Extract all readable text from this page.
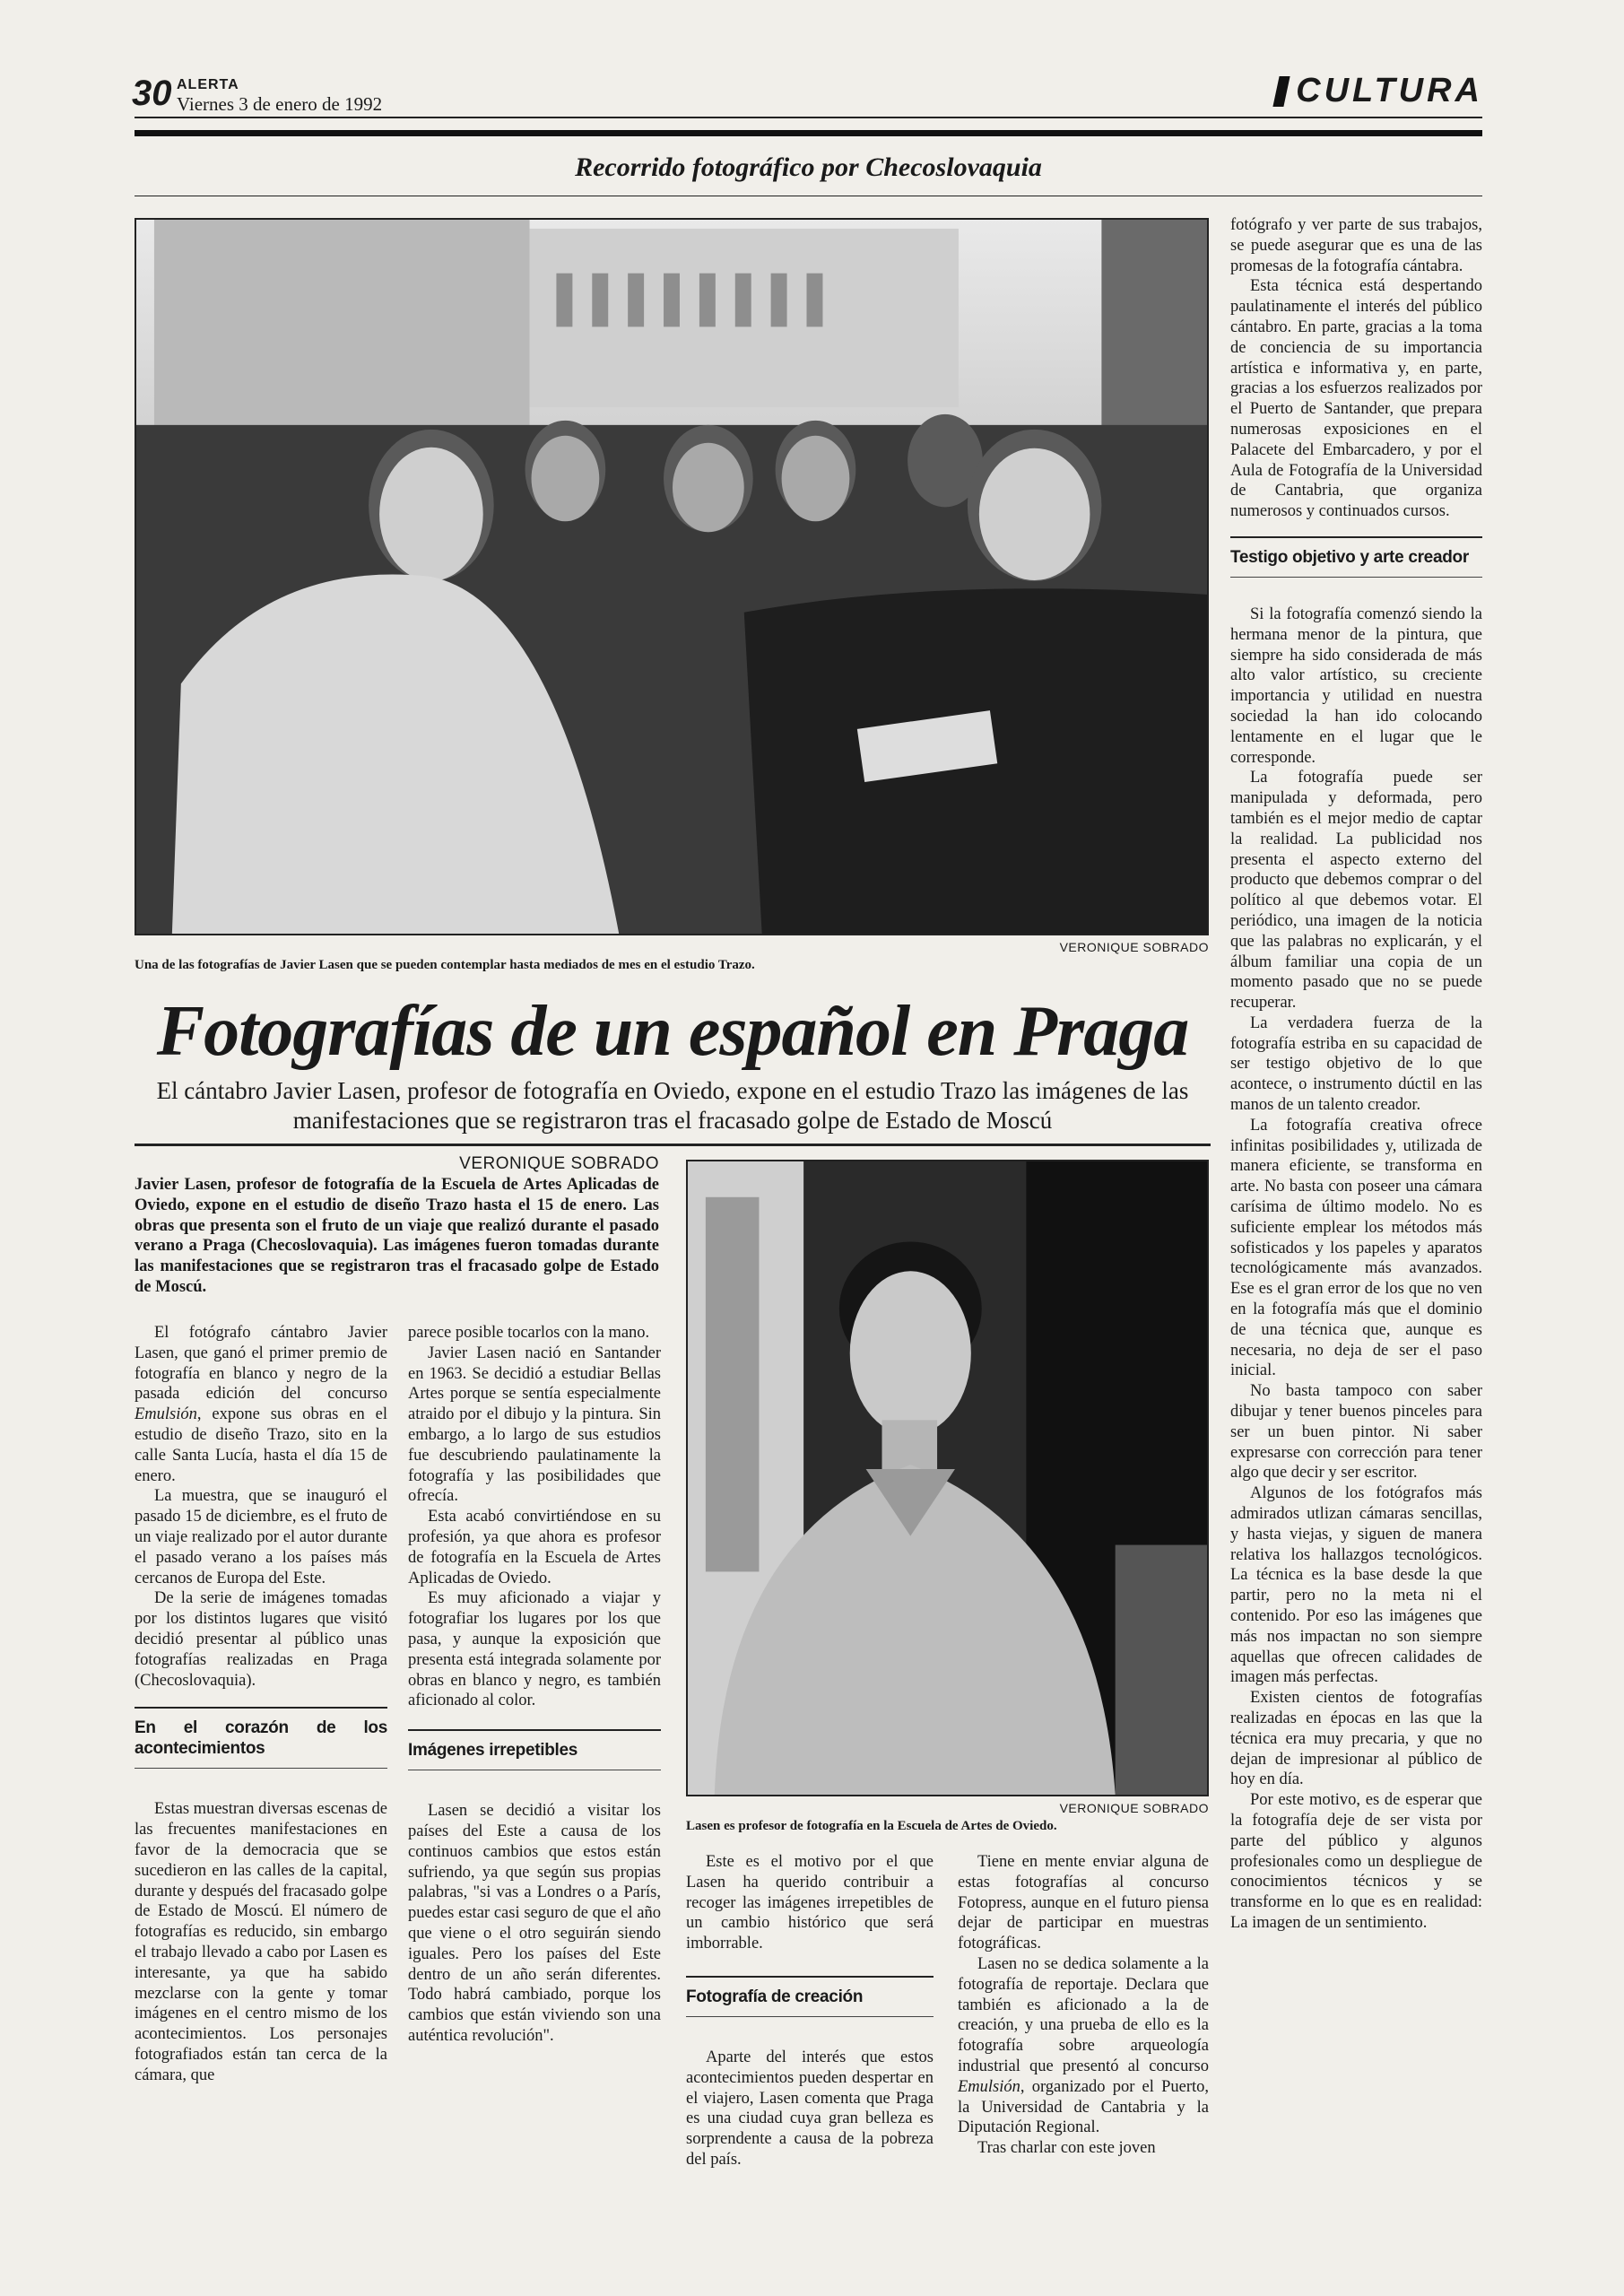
30 ALERTA
Viernes 3 de enero de 1992	CULTURA
Recorrido fotográfico por Checoslovaquia
VERONIQUE SOBRADO
Una de las fotografías de Javier Lasen que se pueden contemplar hasta mediados de mes en el estudio Trazo.
Fotografías de un español en Praga
El cántabro Javier Lasen, profesor de fotografía en Oviedo, expone en el estudio Trazo las imágenes de las manifestaciones que se registraron tras el fracasado golpe de Estado de Moscú
VERONIQUE SOBRADO
Javier Lasen, profesor de fotografía de la Escuela de Artes Aplicadas de Oviedo, expone en el estudio de diseño Trazo hasta el 15 de enero. Las obras que presenta son el fruto de un viaje que realizó durante el pasado verano a Praga (Checoslovaquia). Las imágenes fueron tomadas durante las manifestaciones que se registraron tras el fracasado golpe de Estado de Moscú.
VERONIQUE SOBRADO
Lasen es profesor de fotografía en la Escuela de Artes de Oviedo.

El fotógrafo cántabro Javier Lasen, que ganó el primer premio de fotografía en blanco y negro de la pasada edición del concurso Emulsión, expone sus obras en el estudio de diseño Trazo, sito en la calle Santa Lucía, hasta el día 15 de enero.

La muestra, que se inauguró el pasado 15 de diciembre, es el fruto de un viaje realizado por el autor durante el pasado verano a los países más cercanos de Europa del Este.

De la serie de imágenes tomadas por los distintos lugares que visitó decidió presentar al público unas fotografías realizadas en Praga (Checoslovaquia).

En el corazón de los acontecimientos

Estas muestran diversas escenas de las frecuentes manifestaciones en favor de la democracia que se sucedieron en las calles de la capital, durante y después del fracasado golpe de Estado de Moscú. El número de fotografías es reducido, sin embargo el trabajo llevado a cabo por Lasen es interesante, ya que ha sabido mezclarse con la gente y tomar imágenes en el centro mismo de los acontecimientos. Los personajes fotografiados están tan cerca de la cámara, que

parece posible tocarlos con la mano.

Javier Lasen nació en Santander en 1963. Se decidió a estudiar Bellas Artes porque se sentía especialmente atraido por el dibujo y la pintura. Sin embargo, a lo largo de sus estudios fue descubriendo paulatinamente la fotografía y las posibilidades que ofrecía.

Esta acabó convirtiéndose en su profesión, ya que ahora es profesor de fotografía en la Escuela de Artes Aplicadas de Oviedo.

Es muy aficionado a viajar y fotografiar los lugares por los que pasa, y aunque la exposición que presenta está integrada solamente por obras en blanco y negro, es también aficionado al color.

Imágenes irrepetibles

Lasen se decidió a visitar los países del Este a causa de los continuos cambios que estos están sufriendo, ya que según sus propias palabras, "si vas a Londres o a París, puedes estar casi seguro de que el año que viene o el otro seguirán siendo iguales. Pero los países del Este dentro de un año serán diferentes. Todo habrá cambiado, porque los cambios que están viviendo son una auténtica revolución".

Este es el motivo por el que Lasen ha querido contribuir a recoger las imágenes irrepetibles de un cambio histórico que será imborrable.

Fotografía de creación

Aparte del interés que estos acontecimientos pueden despertar en el viajero, Lasen comenta que Praga es una ciudad cuya gran belleza es sorprendente a causa de la pobreza del país.

Tiene en mente enviar alguna de estas fotografías al concurso Fotopress, aunque en el futuro piensa dejar de participar en muestras fotográficas.

Lasen no se dedica solamente a la fotografía de reportaje. Declara que también es aficionado a la de creación, y una prueba de ello es la fotografía sobre arqueología industrial que presentó al concurso Emulsión, organizado por el Puerto, la Universidad de Cantabria y la Diputación Regional.

Tras charlar con este joven

fotógrafo y ver parte de sus trabajos, se puede asegurar que es una de las promesas de la fotografía cántabra.

Esta técnica está despertando paulatinamente el interés del público cántabro. En parte, gracias a la toma de conciencia de su importancia artística e informativa y, en parte, gracias a los esfuerzos realizados por el Puerto de Santander, que prepara numerosas exposiciones en el Palacete del Embarcadero, y por el Aula de Fotografía de la Universidad de Cantabria, que organiza numerosos y continuados cursos.

Testigo objetivo y arte creador

Si la fotografía comenzó siendo la hermana menor de la pintura, que siempre ha sido considerada de más alto valor artístico, su creciente importancia y utilidad en nuestra sociedad la han ido colocando lentamente en el lugar que le corresponde.

La fotografía puede ser manipulada y deformada, pero también es el mejor medio de captar la realidad. La publicidad nos presenta el aspecto externo del producto que debemos comprar o del político al que debemos votar. El periódico, una imagen de la noticia que las palabras no explicarán, y el álbum familiar una copia de un momento pasado que no se puede recuperar.

La verdadera fuerza de la fotografía estriba en su capacidad de ser testigo objetivo de lo que acontece, o instrumento dúctil en las manos de un talento creador.

La fotografía creativa ofrece infinitas posibilidades y, utilizada de manera eficiente, se transforma en arte. No basta con poseer una cámara carísima de último modelo. No es suficiente emplear los métodos más sofisticados y los papeles y aparatos tecnológicamente más avanzados. Ese es el gran error de los que no ven en la fotografía más que el dominio de una técnica que, aunque es necesaria, no deja de ser el paso inicial.

No basta tampoco con saber dibujar y tener buenos pinceles para ser un buen pintor. Ni saber expresarse con corrección para tener algo que decir y ser escritor.

Algunos de los fotógrafos más admirados utlizan cámaras sencillas, y hasta viejas, y siguen de manera relativa los hallazgos tecnológicos. La técnica es la base desde la que partir, pero no la meta ni el contenido. Por eso las imágenes que más nos impactan no son siempre aquellas que ofrecen calidades de imagen más perfectas.

Existen cientos de fotografías realizadas en épocas en las que la técnica era muy precaria, y que no dejan de impresionar al público de hoy en día.

Por este motivo, es de esperar que la fotografía deje de ser vista por parte del público y algunos profesionales como un despliegue de conocimientos técnicos y se transforme en lo que es en realidad: La imagen de un sentimiento.
